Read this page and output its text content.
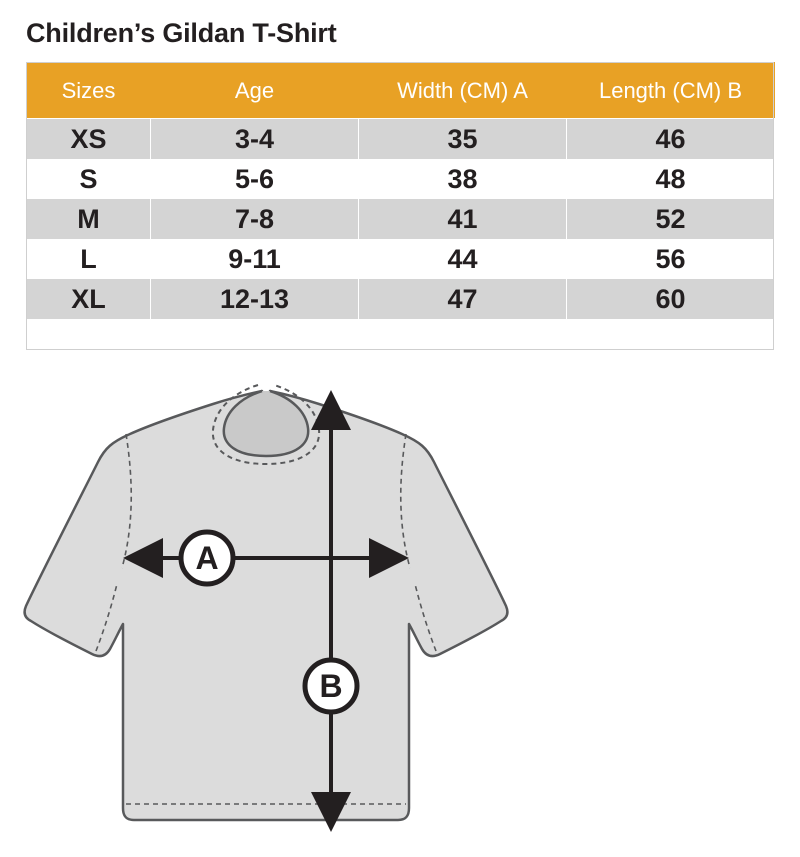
Children’s Gildan T-Shirt
Sizes	Age	Width (CM) A	Length (CM) B
XS	3-4	35	46
S	5-6	38	48
M	7-8	41	52
L	9-11	44	56
XL	12-13	47	60
A
B
